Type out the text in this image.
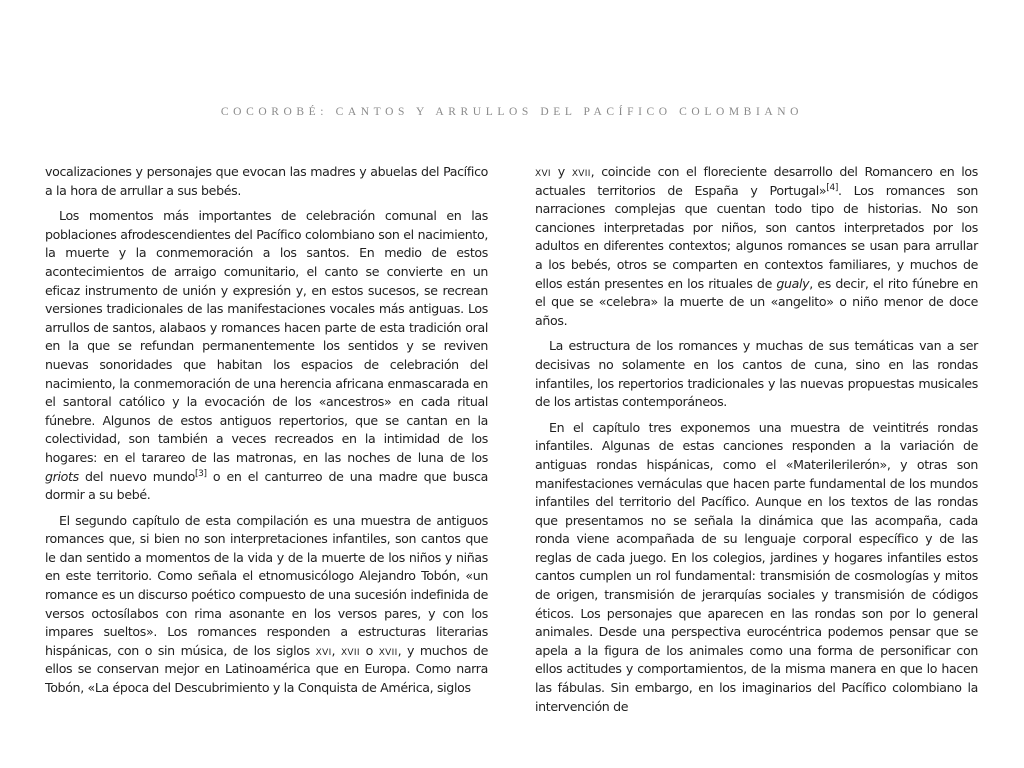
COCOROBÉ: CANTOS Y ARRULLOS DEL PACÍFICO COLOMBIANO

vocalizaciones y personajes que evocan las madres y abuelas del Pacífico a la hora de arrullar a sus bebés.

Los momentos más importantes de celebración comunal en las poblaciones afrodescendientes del Pacífico colombiano son el nacimiento, la muerte y la conmemoración a los santos. En medio de estos acontecimientos de arraigo comunitario, el canto se convierte en un eficaz instrumento de unión y expresión y, en estos sucesos, se recrean versiones tradicionales de las manifestaciones vocales más antiguas. Los arrullos de santos, alabaos y romances hacen parte de esta tradición oral en la que se refundan permanentemente los sentidos y se reviven nuevas sonoridades que habitan los espacios de celebración del nacimiento, la conmemoración de una herencia africana enmascarada en el santoral católico y la evocación de los «ancestros» en cada ritual fúnebre. Algunos de estos antiguos repertorios, que se cantan en la colectividad, son también a veces recreados en la intimidad de los hogares: en el tarareo de las matronas, en las noches de luna de los griots del nuevo mundo[3] o en el canturreo de una madre que busca dormir a su bebé.

El segundo capítulo de esta compilación es una muestra de antiguos romances que, si bien no son interpretaciones infantiles, son cantos que le dan sentido a momentos de la vida y de la muerte de los niños y niñas en este territorio. Como señala el etnomusicólogo Alejandro Tobón, «un romance es un discurso poético compuesto de una sucesión indefinida de versos octosílabos con rima asonante en los versos pares, y con los impares sueltos». Los romances responden a estructuras literarias hispánicas, con o sin música, de los siglos xvi, xvii o xvii, y muchos de ellos se conservan mejor en Latinoamérica que en Europa. Como narra Tobón, «La época del Descubrimiento y la Conquista de América, siglos

xvi y xvii, coincide con el floreciente desarrollo del Romancero en los actuales territorios de España y Portugal»[4]. Los romances son narraciones complejas que cuentan todo tipo de historias. No son canciones interpretadas por niños, son cantos interpretados por los adultos en diferentes contextos; algunos romances se usan para arrullar a los bebés, otros se comparten en contextos familiares, y muchos de ellos están presentes en los rituales de gualy, es decir, el rito fúnebre en el que se «celebra» la muerte de un «angelito» o niño menor de doce años.

La estructura de los romances y muchas de sus temáticas van a ser decisivas no solamente en los cantos de cuna, sino en las rondas infantiles, los repertorios tradicionales y las nuevas propuestas musicales de los artistas contemporáneos.

En el capítulo tres exponemos una muestra de veintitrés rondas infantiles. Algunas de estas canciones responden a la variación de antiguas rondas hispánicas, como el «Materilerilerón», y otras son manifestaciones vernáculas que hacen parte fundamental de los mundos infantiles del territorio del Pacífico. Aunque en los textos de las rondas que presentamos no se señala la dinámica que las acompaña, cada ronda viene acompañada de su lenguaje corporal específico y de las reglas de cada juego. En los colegios, jardines y hogares infantiles estos cantos cumplen un rol fundamental: transmisión de cosmologías y mitos de origen, transmisión de jerarquías sociales y transmisión de códigos éticos. Los personajes que aparecen en las rondas son por lo general animales. Desde una perspectiva eurocéntrica podemos pensar que se apela a la figura de los animales como una forma de personificar con ellos actitudes y comportamientos, de la misma manera en que lo hacen las fábulas. Sin embargo, en los imaginarios del Pacífico colombiano la intervención de
